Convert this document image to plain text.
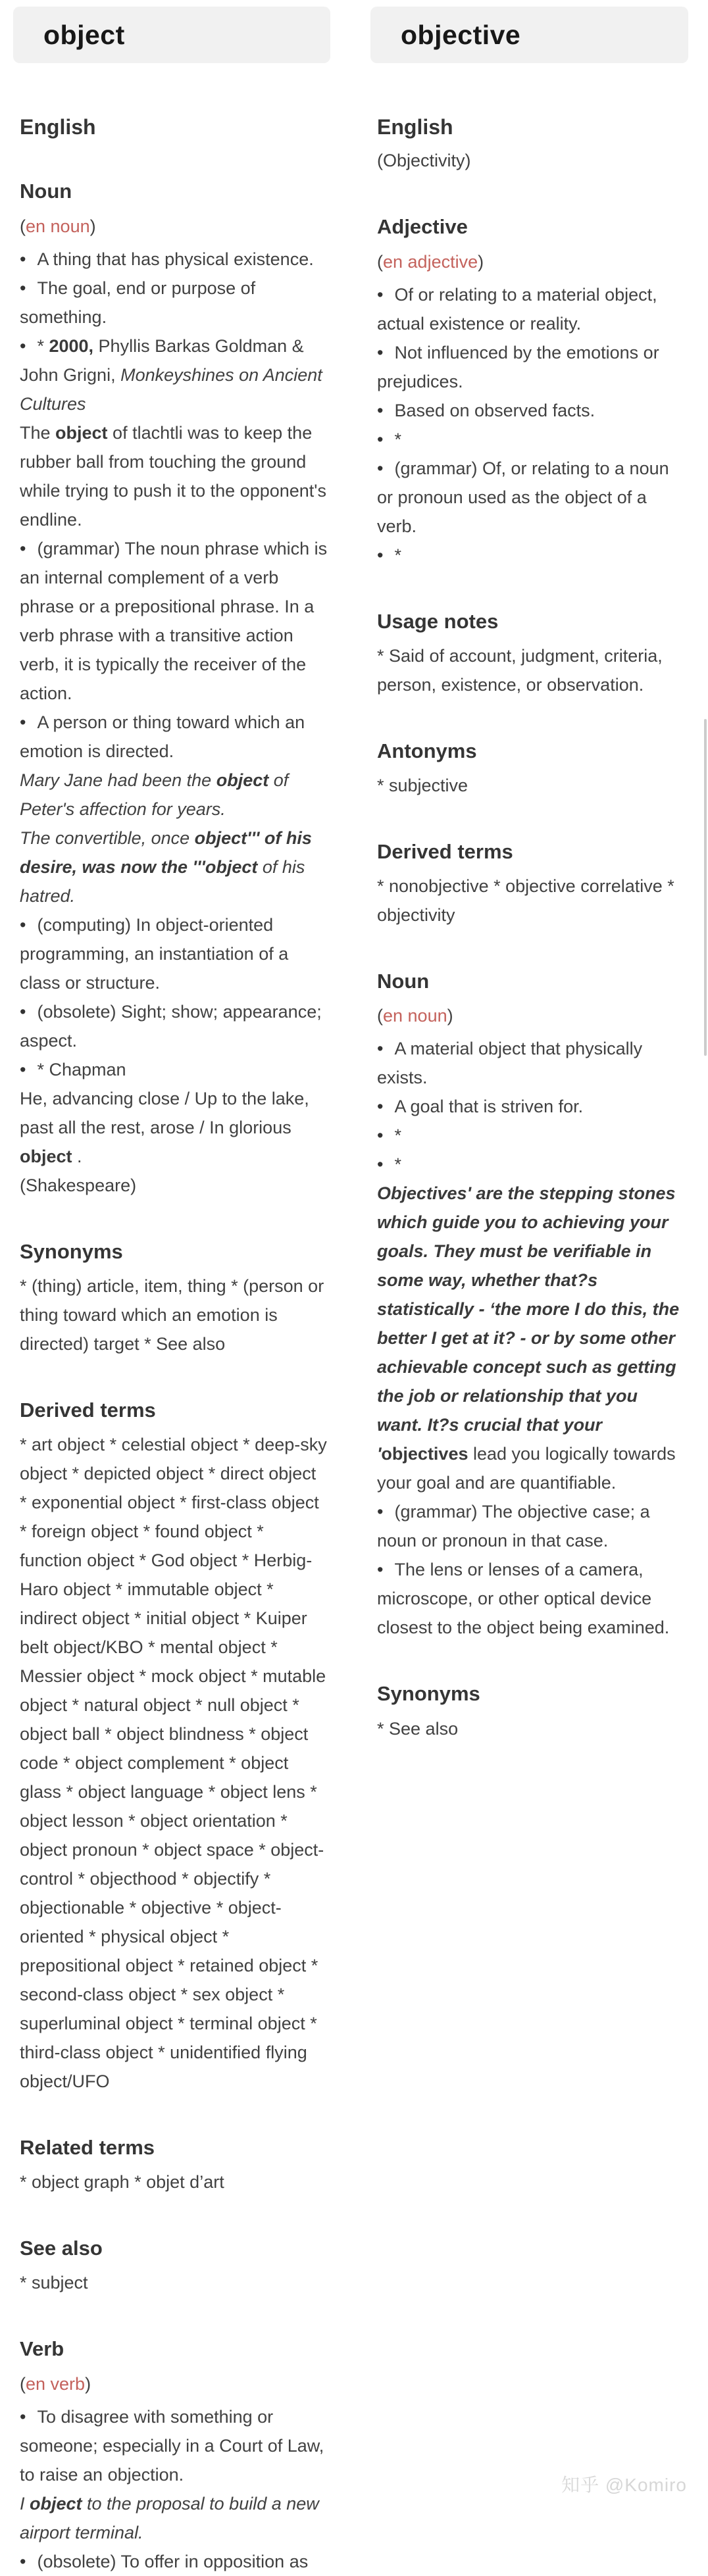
object
English
Noun

(en noun)

• A thing that has physical existence.

• The goal, end or purpose of something.

• * 2000, Phyllis Barkas Goldman & John Grigni, Monkeyshines on Ancient Cultures

The object of tlachtli was to keep the rubber ball from touching the ground while trying to push it to the opponent's endline.

• (grammar) The noun phrase which is an internal complement of a verb phrase or a prepositional phrase. In a verb phrase with a transitive action verb, it is typically the receiver of the action.

• A person or thing toward which an emotion is directed.

Mary Jane had been the object of Peter's affection for years.

The convertible, once object''' of his desire, was now the '''object of his hatred.

• (computing) In object-oriented programming, an instantiation of a class or structure.

• (obsolete) Sight; show; appearance; aspect.

• * Chapman

He, advancing close / Up to the lake, past all the rest, arose / In glorious object .

(Shakespeare)

Synonyms

* (thing) article, item, thing * (person or thing toward which an emotion is directed) target * See also

Derived terms

* art object * celestial object * deep-sky object * depicted object * direct object * exponential object * first-class object * foreign object * found object * function object * God object * Herbig-Haro object * immutable object * indirect object * initial object * Kuiper belt object/KBO * mental object * Messier object * mock object * mutable object * natural object * null object * object ball * object blindness * object code * object complement * object glass * object language * object lens * object lesson * object orientation * object pronoun * object space * object-control * objecthood * objectify * objectionable * objective * object-oriented * physical object * prepositional object * retained object * second-class object * sex object * superluminal object * terminal object * third-class object * unidentified flying object/UFO

Related terms

* object graph * objet d’art

See also

* subject

Verb

(en verb)

• To disagree with something or someone; especially in a Court of Law, to raise an objection.

I object to the proposal to build a new airport terminal.

• (obsolete) To offer in opposition as

objective
English

(Objectivity)

Adjective

(en adjective)

• Of or relating to a material object, actual existence or reality.

• Not influenced by the emotions or prejudices.

• Based on observed facts.

• *

• (grammar) Of, or relating to a noun or pronoun used as the object of a verb.

• *

Usage notes

* Said of account, judgment, criteria, person, existence, or observation.

Antonyms

* subjective

Derived terms

* nonobjective * objective correlative * objectivity

Noun

(en noun)

• A material object that physically exists.

• A goal that is striven for.

• *

• *

Objectives' are the stepping stones which guide you to achieving your goals. They must be verifiable in some way, whether that?s statistically - ‘the more I do this, the better I get at it? - or by some other achievable concept such as getting the job or relationship that you want. It?s crucial that your 'objectives lead you logically towards your goal and are quantifiable.

• (grammar) The objective case; a noun or pronoun in that case.

• The lens or lenses of a camera, microscope, or other optical device closest to the object being examined.

Synonyms

* See also

知乎 @Komiro
